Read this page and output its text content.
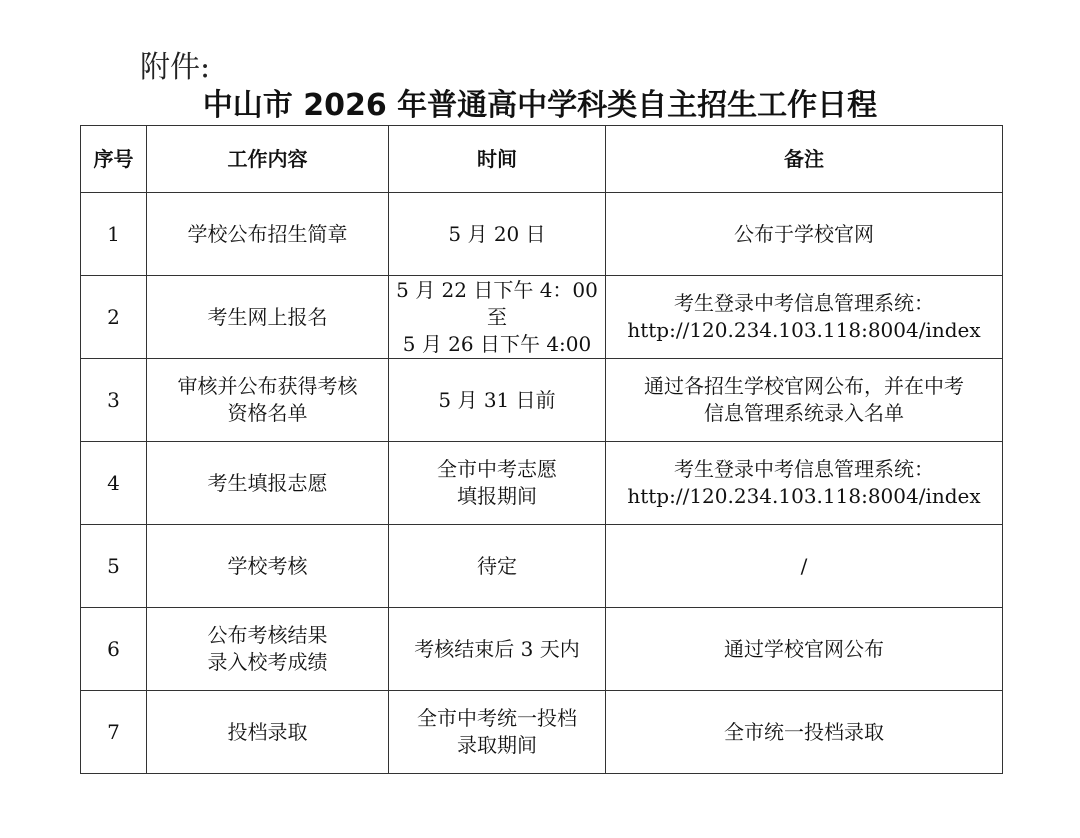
附件:
中山市 2026 年普通高中学科类自主招生工作日程
序号	工作内容	时间	备注
1	学校公布招生简章	5 月 20 日	公布于学校官网

2	考生网上报名	5 月 22 日下午 4：00
至
5 月 26 日下午 4:00	考生登录中考信息管理系统：
http://120.234.103.118:8004/index

3	审核并公布获得考核
资格名单	5 月 31 日前	通过各招生学校官网公布，并在中考
信息管理系统录入名单

4	考生填报志愿	全市中考志愿
填报期间	考生登录中考信息管理系统：
http://120.234.103.118:8004/index

5	学校考核	待定	/

6	公布考核结果
录入校考成绩	考核结束后 3 天内	通过学校官网公布

7	投档录取	全市中考统一投档
录取期间	全市统一投档录取
